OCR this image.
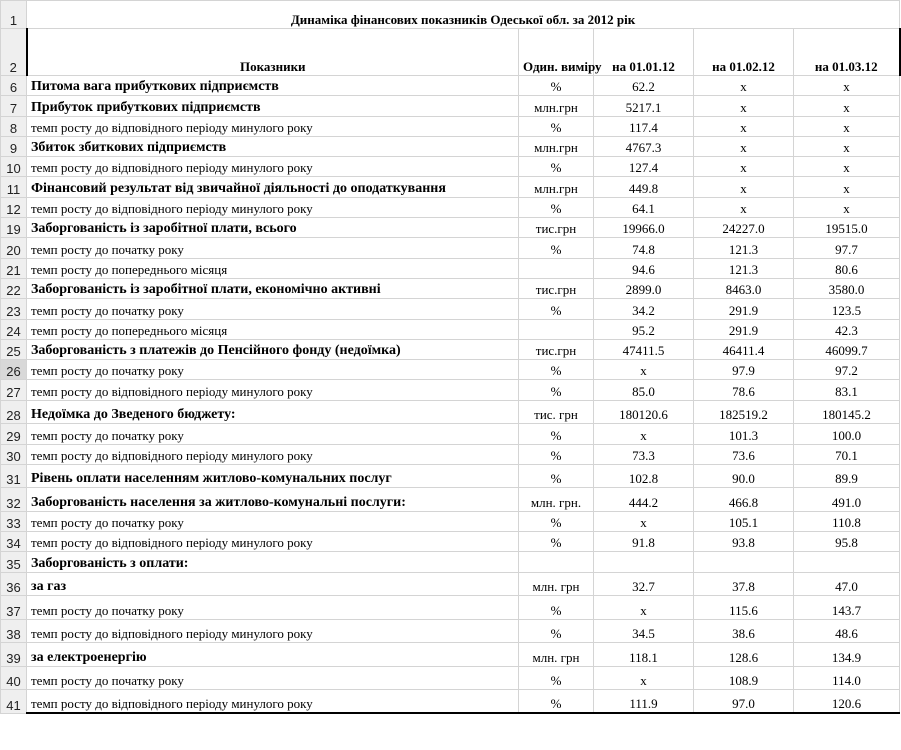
1	Динаміка фінансових показників Одеської обл. за 2012 рік				
2	Показники	Один. виміру	на 01.01.12	на 01.02.12	на 01.03.12
6	Питома вага прибуткових підприємств	%	62.2	x	x
7	Прибуток прибуткових підприємств	млн.грн	5217.1	x	x
8	темп росту до відповідного періоду минулого року	%	117.4	x	x
9	Збиток збиткових підприємств	млн.грн	4767.3	x	x
10	темп росту до відповідного періоду минулого року	%	127.4	x	x
11	Фінансовий результат від звичайної діяльності до оподаткування	млн.грн	449.8	x	x
12	темп росту до відповідного періоду минулого року	%	64.1	x	x
19	Заборгованість із заробітної плати, всього	тис.грн	19966.0	24227.0	19515.0
20	темп росту до початку року	%	74.8	121.3	97.7
21	темп росту до попереднього місяця		94.6	121.3	80.6
22	Заборгованість із заробітної плати, економічно активні	тис.грн	2899.0	8463.0	3580.0
23	темп росту до початку року	%	34.2	291.9	123.5
24	темп росту до попереднього місяця		95.2	291.9	42.3
25	Заборгованість з платежів до Пенсійного фонду (недоїмка)	тис.грн	47411.5	46411.4	46099.7
26	темп росту до початку року	%	x	97.9	97.2
27	темп росту до відповідного періоду минулого року	%	85.0	78.6	83.1
28	Недоїмка до Зведеного бюджету:	тис. грн	180120.6	182519.2	180145.2
29	темп росту до початку року	%	x	101.3	100.0
30	темп росту до відповідного періоду минулого року	%	73.3	73.6	70.1
31	Рівень оплати населенням житлово-комунальних послуг	%	102.8	90.0	89.9
32	Заборгованість населення за житлово-комунальні послуги:	млн. грн.	444.2	466.8	491.0
33	темп росту до початку року	%	x	105.1	110.8
34	темп росту до відповідного періоду минулого року	%	91.8	93.8	95.8
35	Заборгованість з оплати:				
36	за газ	млн. грн	32.7	37.8	47.0
37	темп росту до початку року	%	x	115.6	143.7
38	темп росту до відповідного періоду минулого року	%	34.5	38.6	48.6
39	за електроенергію	млн. грн	118.1	128.6	134.9
40	темп росту до початку року	%	x	108.9	114.0
41	темп росту до відповідного періоду минулого року	%	111.9	97.0	120.6
